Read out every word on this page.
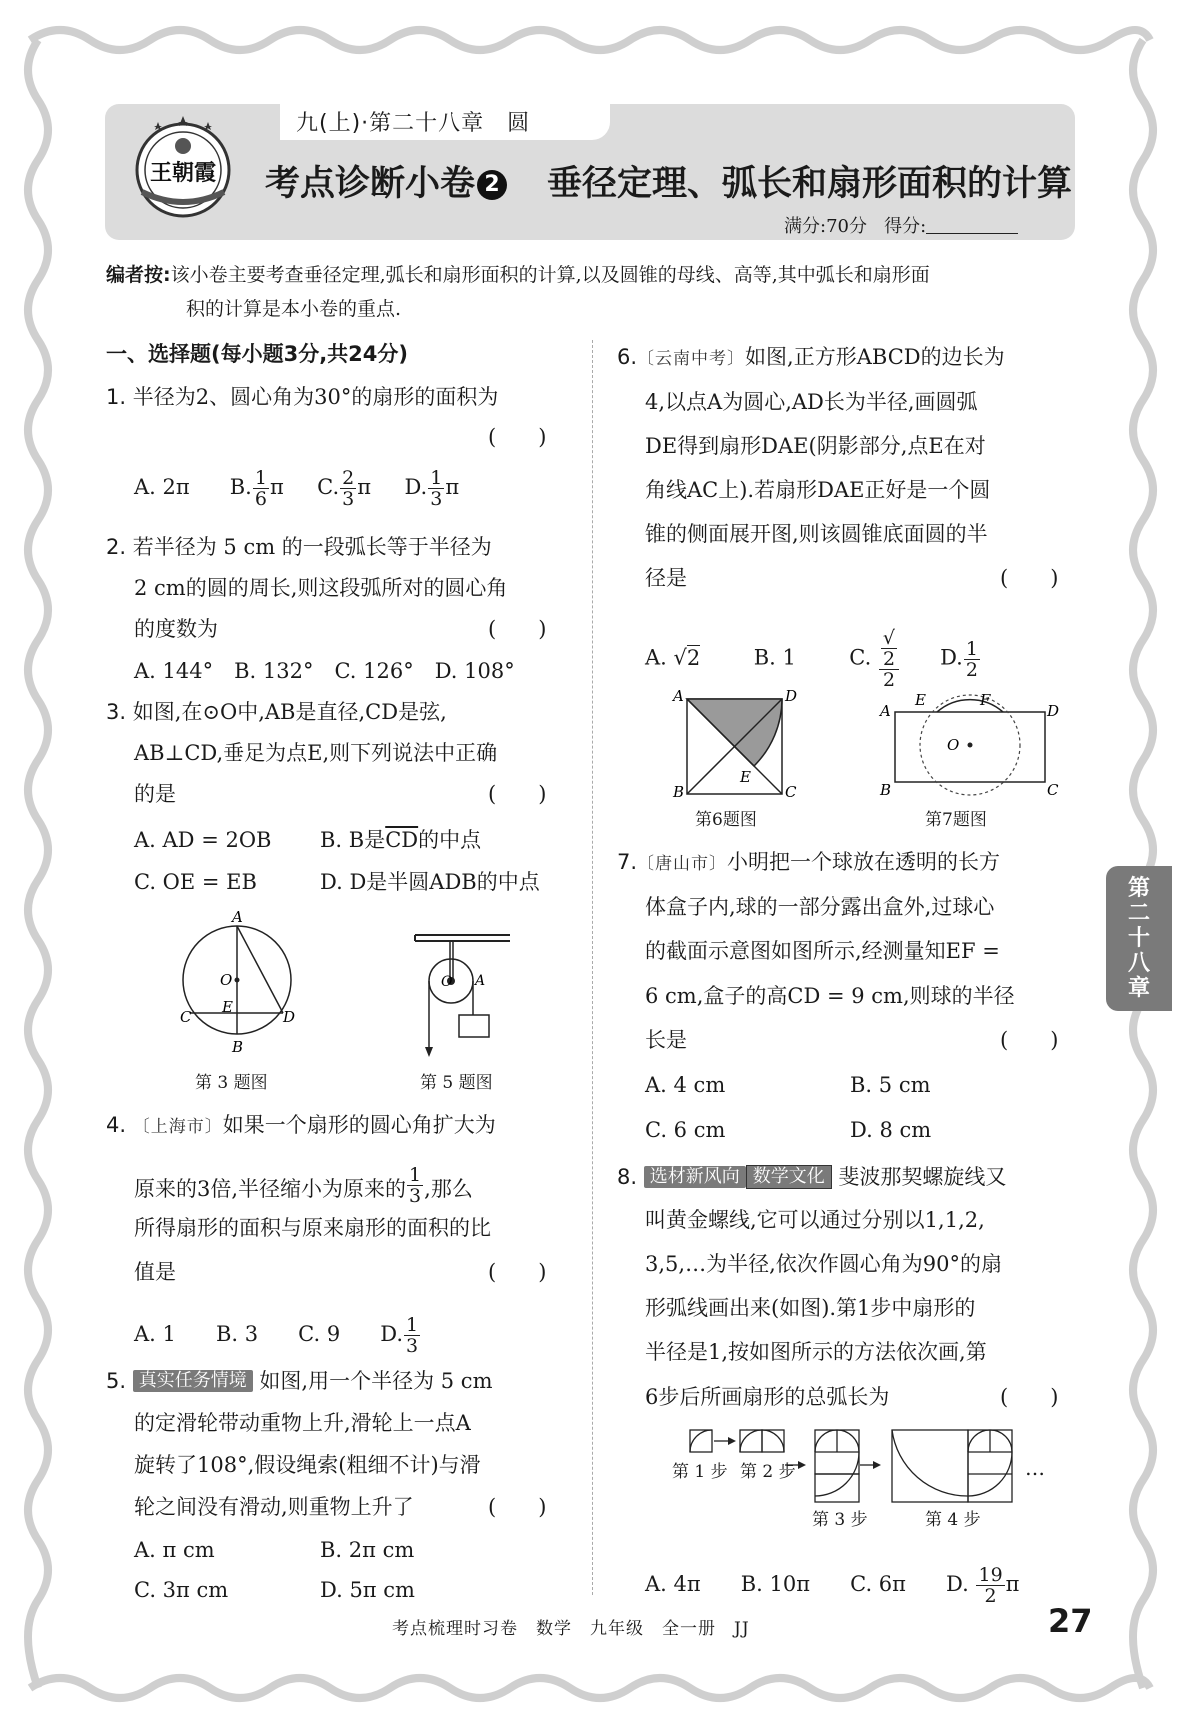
九(上)·第二十八章　圆
王朝霞 考点诊断小卷 2 垂径定理、弧长和扇形面积的计算
满分:70分 得分:
编者按:该小卷主要考查垂径定理,弧长和扇形面积的计算,以及圆锥的母线、高等,其中弧长和扇形面
积的计算是本小卷的重点.
一、选择题(每小题3分,共24分)
1. 半径为2、圆心角为30°的扇形的面积为
(　　)
A. 2π B. $\frac{1}{6}$ π C. $\frac{2}{3}$ π D. $\frac{1}{3}$ π
2. 若半径为 5 cm 的一段弧长等于半径为
2 cm的圆的周长,则这段弧所对的圆心角
的度数为	(　　)
A. 144°　B. 132°　C. 126°　D. 108°
3. 如图,在⊙O中,AB是直径,CD是弦,
AB⊥CD,垂足为点E,则下列说法中正确
的是	(　　)
A. AD = 2OB B. B是$\overline{CD}$的中点
C. OE = EB	D. D是半圆ADB的中点
A
O
E
C	D
B
第 3 题图
O A
第 5 题图
4. 〔上海市〕如果一个扇形的圆心角扩大为
原来的3倍,半径缩小为原来的 $\frac{1}{3}$ ,那么
所得扇形的面积与原来扇形的面积的比
值是	(　　)
A. 1 B. 3 C. 9 D. $\frac{1}{3}$
5. 真实任务情境 如图,用一个半径为 5 cm
的定滑轮带动重物上升,滑轮上一点A
旋转了108°,假设绳索(粗细不计)与滑
轮之间没有滑动,则重物上升了	(　　)
A. π cm	B. 2π cm
C. 3π cm	D. 5π cm
6.〔云南中考〕如图,正方形ABCD的边长为
4,以点A为圆心,AD长为半径,画圆弧
DE得到扇形DAE(阴影部分,点E在对
角线AC上).若扇形DAE正好是一个圆
锥的侧面展开图,则该圆锥底面圆的半
径是	(　　)
A. √2	B. 1	C. √
2
2 D. $\frac{1}{2}$
A	D
B	C
E
第6题图
A	D
B	C
E	F
O
第7题图
7.〔唐山市〕小明把一个球放在透明的长方
体盒子内,球的一部分露出盒外,过球心
的截面示意图如图所示,经测量知EF =
6 cm,盒子的高CD = 9 cm,则球的半径
长是	(　　)
A. 4 cm	B. 5 cm
C. 6 cm	D. 8 cm
8. 选材新风向 数学文化 斐波那契螺旋线又
叫黄金螺线,它可以通过分别以1,1,2,
3,5,…为半径,依次作圆心角为90°的扇
形弧线画出来(如图).第1步中扇形的
半径是1,按如图所示的方法依次画,第
6步后所画扇形的总弧长为	(　　)
第 1 步 第 2 步
第 3 步	第 4 步
…
A. 4π B. 10π C. 6π D. $\frac{19}{2}$ π
第
二
十
八
章
考点梳理时习卷　数学　九年级　全一册　JJ	27
